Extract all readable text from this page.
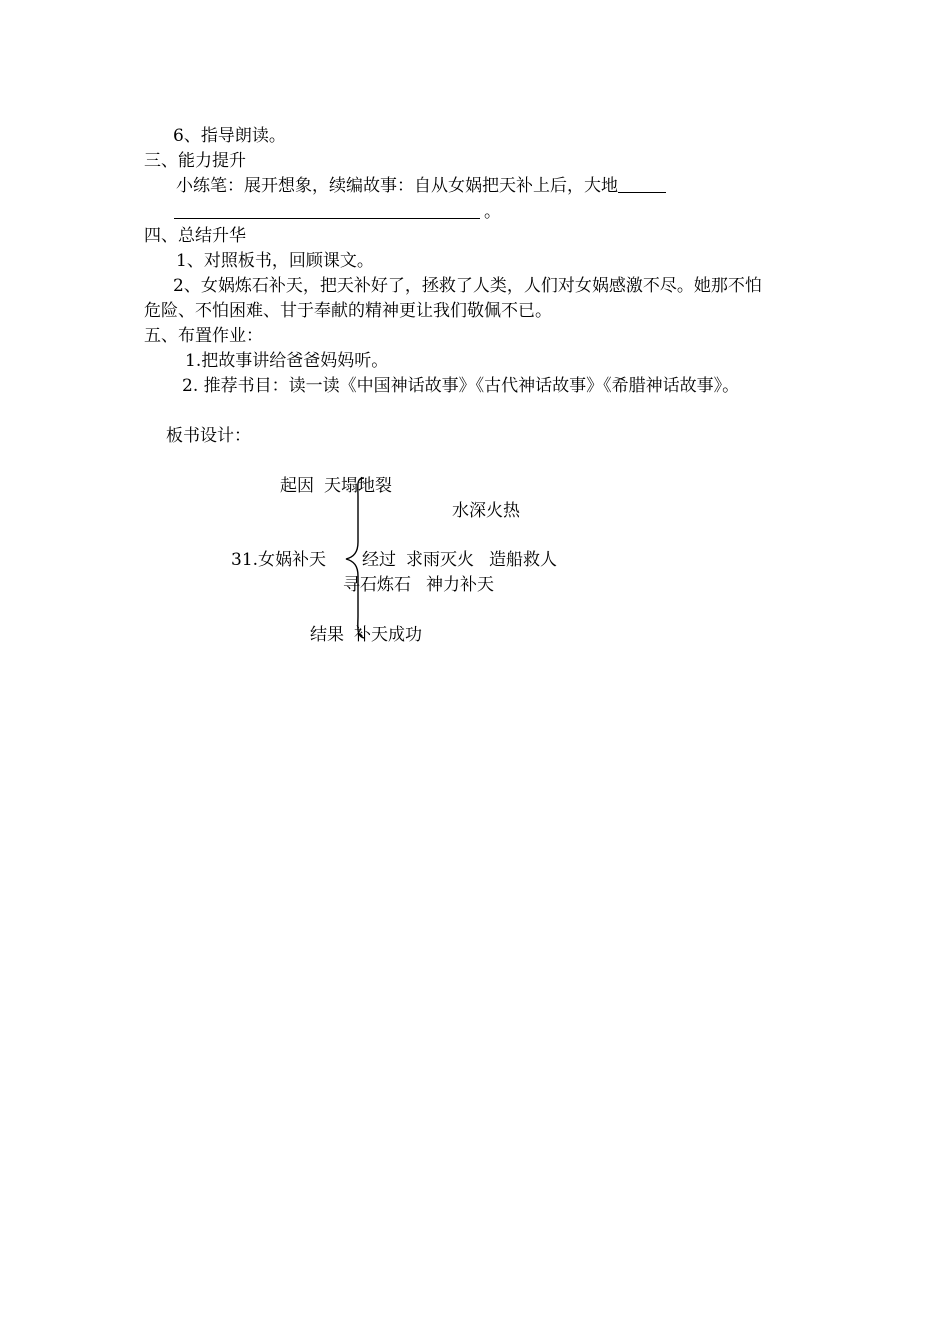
6、指导朗读。
三、能力提升
小练笔：展开想象，续编故事：自从女娲把天补上后，大地
。
四、总结升华
1、对照板书，回顾课文。
2、女娲炼石补天，把天补好了，拯救了人类，人们对女娲感激不尽。她那不怕
危险、不怕困难、甘于奉献的精神更让我们敬佩不已。
五、布置作业：
1.把故事讲给爸爸妈妈听。
2. 推荐书目：读一读《中国神话故事》《古代神话故事》《希腊神话故事》。
板书设计：
起因 天塌地裂
水深火热
31.女娲补天 经过 求雨灭火 造船救人
寻石炼石 神力补天
结果 补天成功
